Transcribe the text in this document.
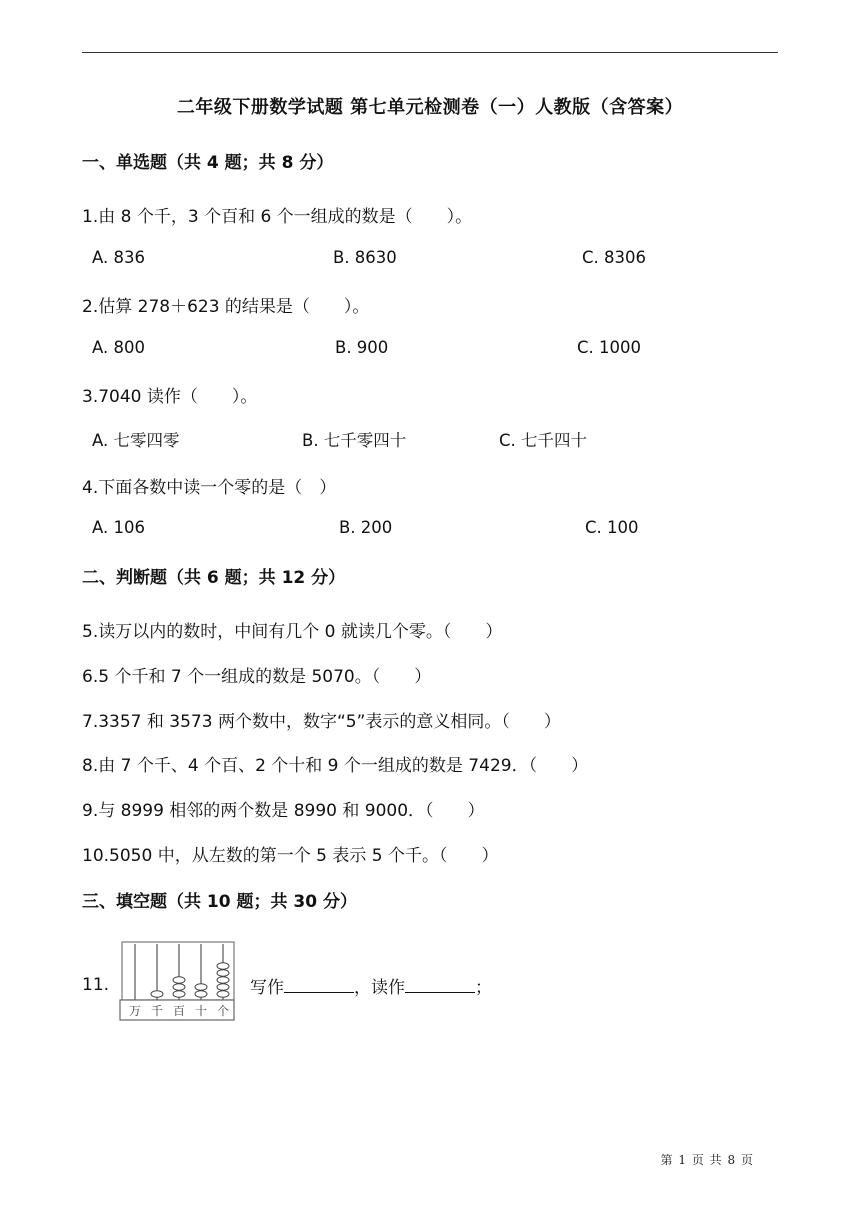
二年级下册数学试题 第七单元检测卷（一）人教版（含答案）
一、单选题（共 4 题；共 8 分）
1.由 8 个千，3 个百和 6 个一组成的数是（　　）。
A. 836	B. 8630	C. 8306
2.估算 278＋623 的结果是（　　）。
A. 800	B. 900	C. 1000
3.7040 读作（　　）。
A. 七零四零	B. 七千零四十	C. 七千四十
4.下面各数中读一个零的是（　）
A. 106	B. 200	C. 100
二、判断题（共 6 题；共 12 分）
5.读万以内的数时，中间有几个 0 就读几个零。（　　）
6.5 个千和 7 个一组成的数是 5070。（　　）
7.3357 和 3573 两个数中，数字“5”表示的意义相同。（　　）
8.由 7 个千、4 个百、2 个十和 9 个一组成的数是 7429．（　　）
9.与 8999 相邻的两个数是 8990 和 9000．（　　）
10.5050 中，从左数的第一个 5 表示 5 个千。（　　）
三、填空题（共 10 题；共 30 分）
11.
万 千 百 十 个
写作	，读作	；
第 1 页 共 8 页
